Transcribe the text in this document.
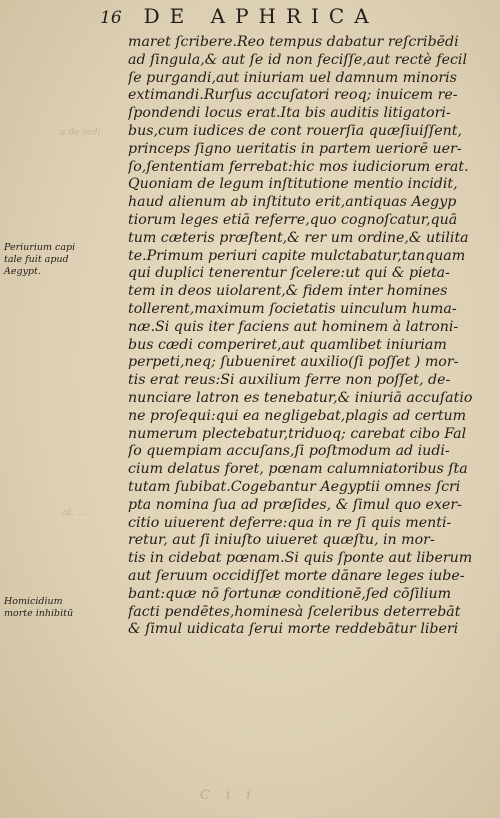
16 DE APHRICA
maret ſcribere.Reo tempus dabatur reſcribēdi
ad ſingula,& aut ſe id non feciſſe,aut rectè fecil
ſe purgandi,aut iniuriam uel damnum minoris
extimandi.Rurſus accuſatori reoq; inuicem re-
ſpondendi locus erat.Ita bis auditis litigatori-
bus,cum iudices de cont rouerſia quæſiuiſſent,
princeps ſigno ueritatis in partem ueriorē uer-
ſo,ſententiam ferrebat:hic mos iudiciorum erat.
Quoniam de legum inſtitutione mentio incidit,
haud alienum ab inſtituto erit,antiquas Aegyp
tiorum leges etiā referre,quo cognoſcatur,quā
tum cæteris præſtent,& rer um ordine,& utilita
te.Primum periuri capite mulctabatur,tanquam
qui duplici tenerentur ſcelere:ut qui & pieta-
tem in deos uiolarent,& fidem inter homines
tollerent,maximum ſocietatis uinculum huma-
næ.Si quis iter faciens aut hominem à latroni-
bus cædi comperiret,aut quamlibet iniuriam
perpeti,neq; ſubueniret auxilio(ſi poſſet ) mor-
tis erat reus:Si auxilium ferre non poſſet, de-
nunciare latron es tenebatur,& iniuriā accuſatio
ne proſequi:qui ea negligebat,plagis ad certum
numerum plectebatur,triduoq; carebat cibo Fal
ſo quempiam accuſans,ſi poſtmodum ad iudi-
cium delatus foret, pœnam calumniatoribus ſta
tutam ſubibat.Cogebantur Aegyptii omnes ſcri
pta nomina ſua ad præſides, & ſimul quo exer-
citio uiuerent deferre:qua in re ſi quis menti-
retur, aut ſi iniuſto uiueret quæſtu, in mor-
tis in cidebat pœnam.Si quis ſponte aut liberum
aut ſeruum occidiſſet morte dānare leges iube-
bant:quæ nō fortunæ conditionē,ſed cōſilium
facti pendētes,hominesà ſceleribus deterrebāt
& ſimul uidicata ſerui morte reddebātur liberi
Periurium capi
tale fuit apud
Aegypt.
Homicidium
morte inhibitū
a de ordi
.ol. ...
C i i
